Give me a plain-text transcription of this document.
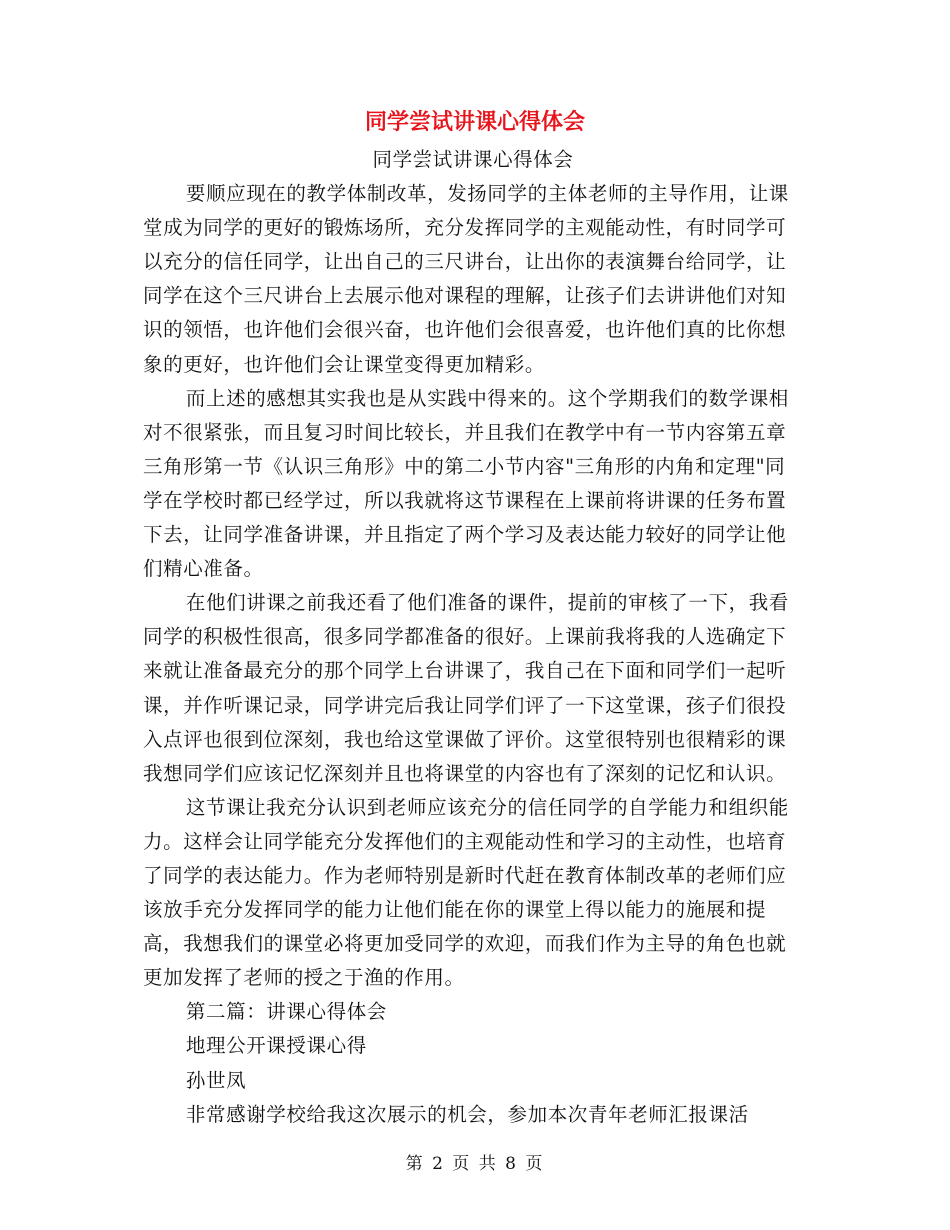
同学尝试讲课心得体会

同学尝试讲课心得体会

要顺应现在的教学体制改革，发扬同学的主体老师的主导作用，让课堂成为同学的更好的锻炼场所，充分发挥同学的主观能动性，有时同学可以充分的信任同学，让出自己的三尺讲台，让出你的表演舞台给同学，让同学在这个三尺讲台上去展示他对课程的理解，让孩子们去讲讲他们对知识的领悟，也许他们会很兴奋，也许他们会很喜爱，也许他们真的比你想象的更好，也许他们会让课堂变得更加精彩。

而上述的感想其实我也是从实践中得来的。这个学期我们的数学课相对不很紧张，而且复习时间比较长，并且我们在教学中有一节内容第五章三角形第一节《认识三角形》中的第二小节内容"三角形的内角和定理"同学在学校时都已经学过，所以我就将这节课程在上课前将讲课的任务布置下去，让同学准备讲课，并且指定了两个学习及表达能力较好的同学让他们精心准备。

在他们讲课之前我还看了他们准备的课件，提前的审核了一下，我看同学的积极性很高，很多同学都准备的很好。上课前我将我的人选确定下来就让准备最充分的那个同学上台讲课了，我自己在下面和同学们一起听课，并作听课记录，同学讲完后我让同学们评了一下这堂课，孩子们很投入点评也很到位深刻，我也给这堂课做了评价。这堂很特别也很精彩的课我想同学们应该记忆深刻并且也将课堂的内容也有了深刻的记忆和认识。

这节课让我充分认识到老师应该充分的信任同学的自学能力和组织能力。这样会让同学能充分发挥他们的主观能动性和学习的主动性，也培育了同学的表达能力。作为老师特别是新时代赶在教育体制改革的老师们应该放手充分发挥同学的能力让他们能在你的课堂上得以能力的施展和提高，我想我们的课堂必将更加受同学的欢迎，而我们作为主导的角色也就更加发挥了老师的授之于渔的作用。

第二篇：讲课心得体会

地理公开课授课心得

孙世凤

非常感谢学校给我这次展示的机会，参加本次青年老师汇报课活

第 2 页 共 8 页
